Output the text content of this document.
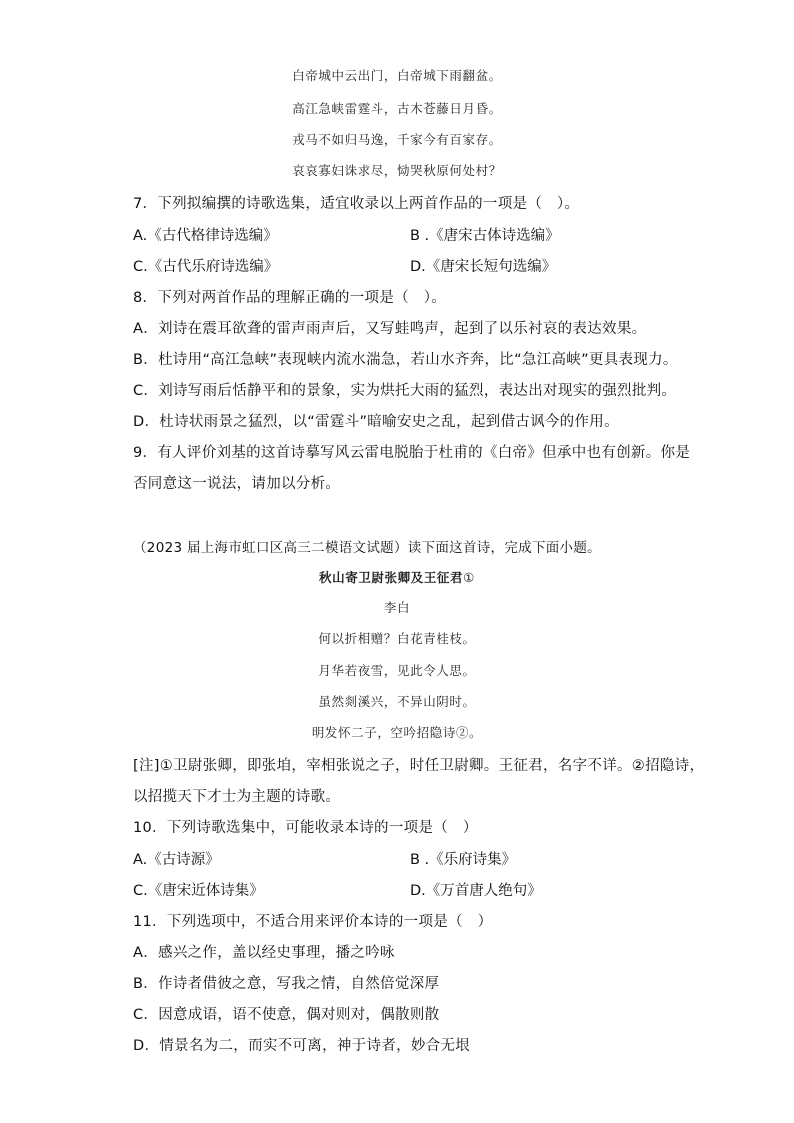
白帝城中云出门，白帝城下雨翻盆。
高江急峡雷霆斗，古木苍藤日月昏。
戎马不如归马逸，千家今有百家存。
哀哀寡妇诛求尽，恸哭秋原何处村？
7．下列拟编撰的诗歌选集，适宜收录以上两首作品的一项是（　）。
A.《古代格律诗选编》	B .《唐宋古体诗选编》
C.《古代乐府诗选编》	D.《唐宋长短句选编》
8．下列对两首作品的理解正确的一项是（　）。
A．刘诗在震耳欲聋的雷声雨声后，又写蛙鸣声，起到了以乐衬哀的表达效果。
B．杜诗用“高江急峡”表现峡内流水湍急，若山水齐奔，比“急江高峡”更具表现力。
C．刘诗写雨后恬静平和的景象，实为烘托大雨的猛烈，表达出对现实的强烈批判。
D．杜诗状雨景之猛烈，以“雷霆斗”暗喻安史之乱，起到借古讽今的作用。
9．有人评价刘基的这首诗摹写风云雷电脱胎于杜甫的《白帝》但承中也有创新。你是
否同意这一说法，请加以分析。
（2023 届上海市虹口区高三二模语文试题）读下面这首诗，完成下面小题。
秋山寄卫尉张卿及王征君①
李白
何以折相赠？白花青桂枝。
月华若夜雪，见此令人思。
虽然剡溪兴，不异山阴时。
明发怀二子，空吟招隐诗②。
[注]①卫尉张卿，即张垍，宰相张说之子，时任卫尉卿。王征君，名字不详。②招隐诗，
以招揽天下才士为主题的诗歌。
10．下列诗歌选集中，可能收录本诗的一项是（　）
A.《古诗源》	B .《乐府诗集》
C.《唐宋近体诗集》	D.《万首唐人绝句》
11．下列选项中，不适合用来评价本诗的一项是（　）
A．感兴之作，盖以经史事理，播之吟咏
B．作诗者借彼之意，写我之情，自然倍觉深厚
C．因意成语，语不使意，偶对则对，偶散则散
D．情景名为二，而实不可离，神于诗者，妙合无垠
